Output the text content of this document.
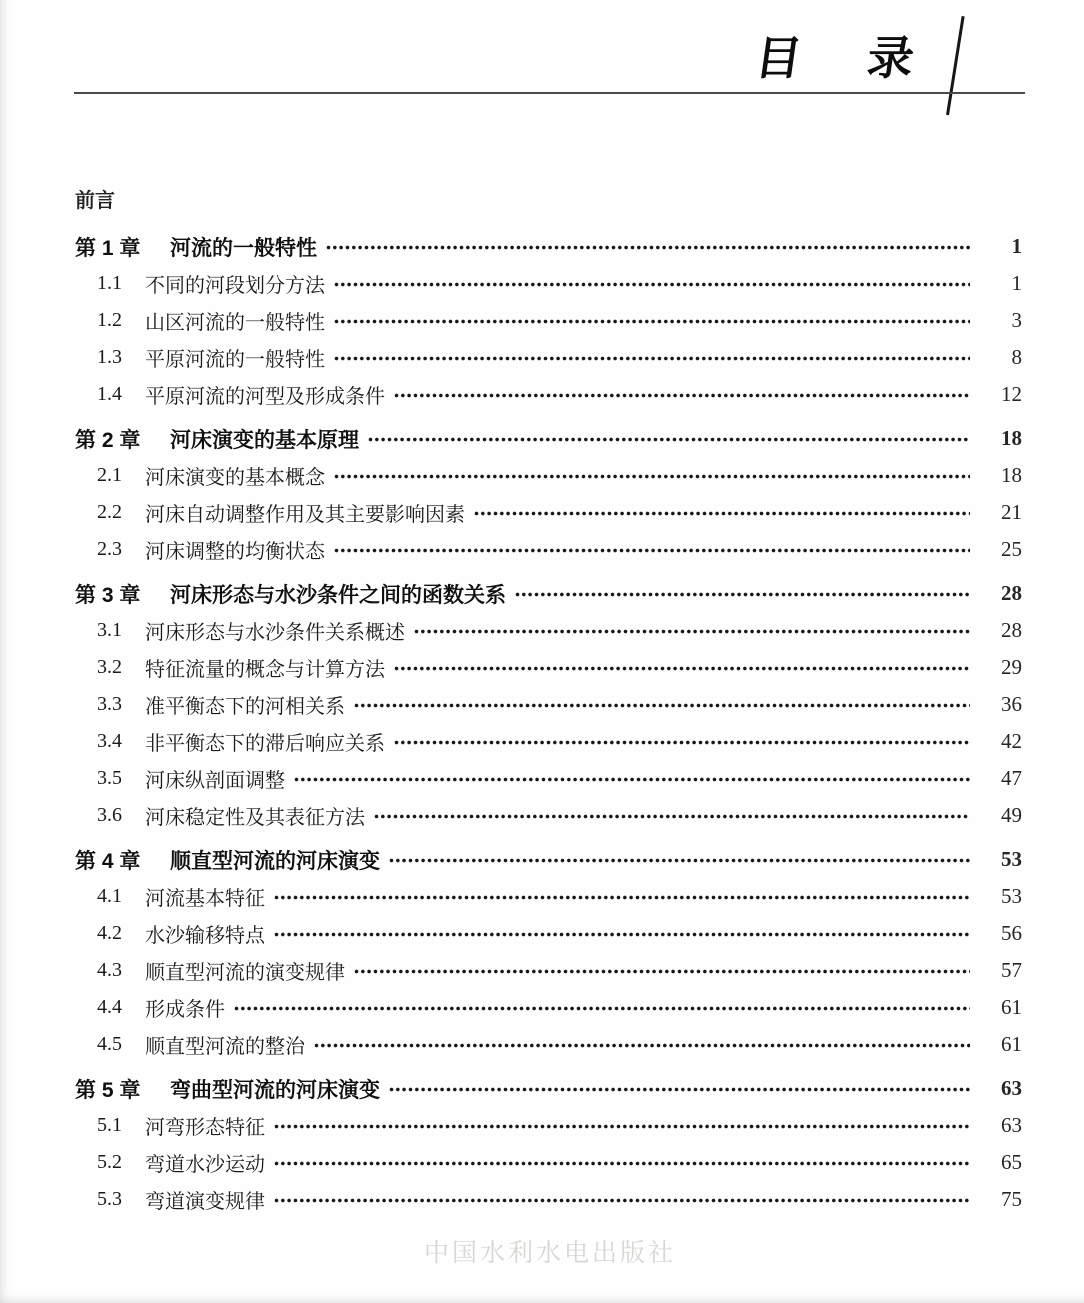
目　录
前言
第 1 章	河流的一般特性	1
1.1	不同的河段划分方法	1
1.2	山区河流的一般特性	3
1.3	平原河流的一般特性	8
1.4	平原河流的河型及形成条件	12
第 2 章	河床演变的基本原理	18
2.1	河床演变的基本概念	18
2.2	河床自动调整作用及其主要影响因素	21
2.3	河床调整的均衡状态	25
第 3 章	河床形态与水沙条件之间的函数关系	28
3.1	河床形态与水沙条件关系概述	28
3.2	特征流量的概念与计算方法	29
3.3	准平衡态下的河相关系	36
3.4	非平衡态下的滞后响应关系	42
3.5	河床纵剖面调整	47
3.6	河床稳定性及其表征方法	49
第 4 章	顺直型河流的河床演变	53
4.1	河流基本特征	53
4.2	水沙输移特点	56
4.3	顺直型河流的演变规律	57
4.4	形成条件	61
4.5	顺直型河流的整治	61
第 5 章	弯曲型河流的河床演变	63
5.1	河弯形态特征	63
5.2	弯道水沙运动	65
5.3	弯道演变规律	75
中国水利水电出版社
